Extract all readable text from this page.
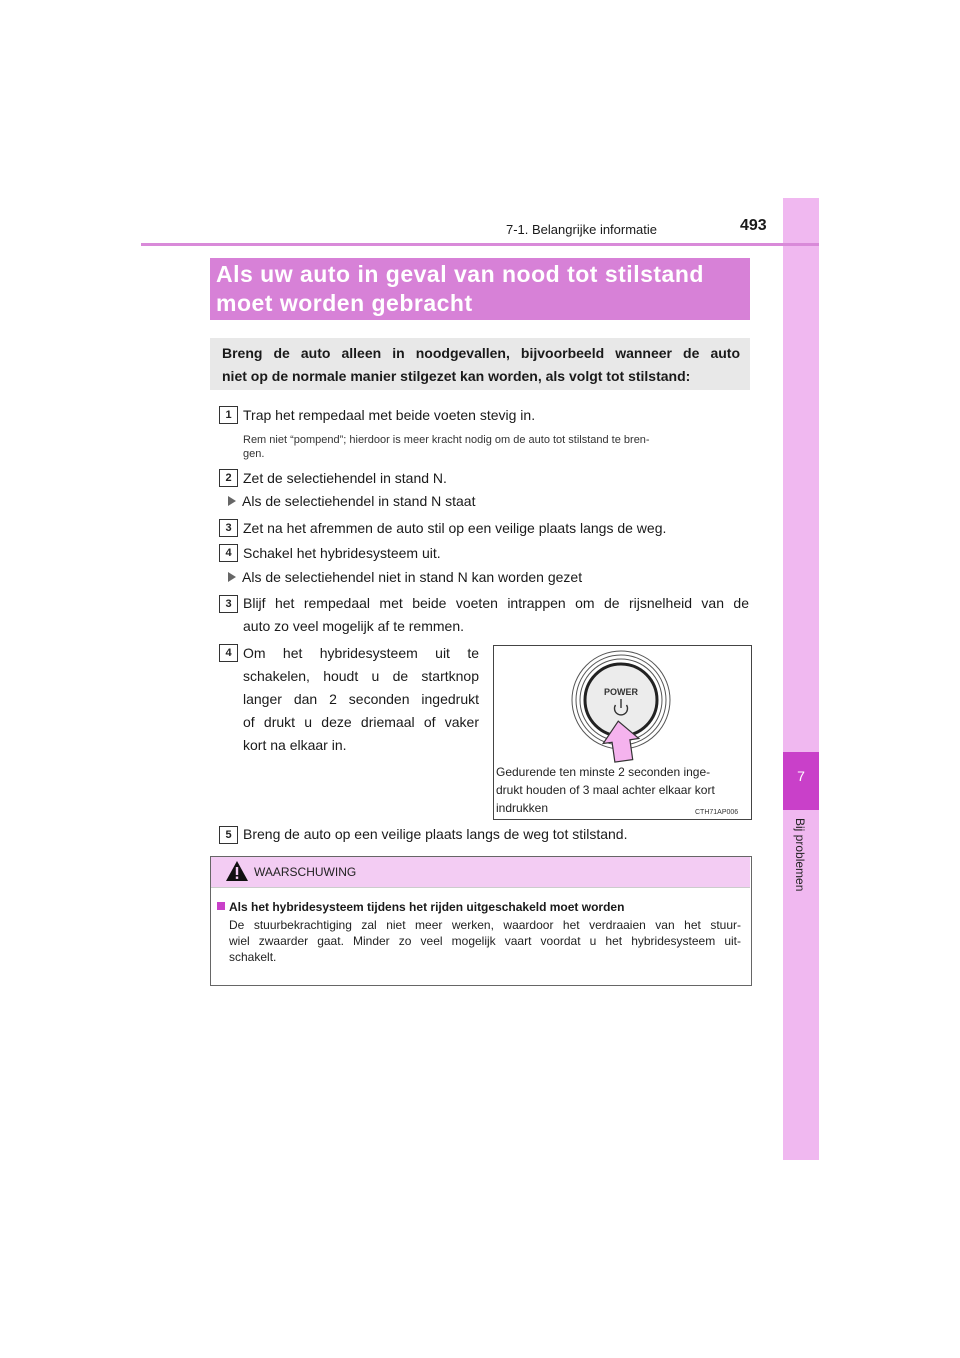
7
Bij problemen
7-1. Belangrijke informatie	493
Als uw auto in geval van nood tot stilstand
moet worden gebracht
Breng de auto alleen in noodgevallen, bijvoorbeeld wanneer de auto
niet op de normale manier stilgezet kan worden, als volgt tot stilstand:
1 Trap het rempedaal met beide voeten stevig in.
Rem niet “pompend”; hierdoor is meer kracht nodig om de auto tot stilstand te bren-
gen.
2 Zet de selectiehendel in stand N.
Als de selectiehendel in stand N staat
3 Zet na het afremmen de auto stil op een veilige plaats langs de weg.
4 Schakel het hybridesysteem uit.
Als de selectiehendel niet in stand N kan worden gezet
3 Blijf het rempedaal met beide voeten intrappen om de rijsnelheid van de
auto zo veel mogelijk af te remmen.
4 Om het hybridesysteem uit te
schakelen, houdt u de startknop
langer dan 2 seconden ingedrukt
of drukt u deze driemaal of vaker
kort na elkaar in.
POWER
Gedurende ten minste 2 seconden inge-
drukt houden of 3 maal achter elkaar kort
indrukken	CTH71AP006
5 Breng de auto op een veilige plaats langs de weg tot stilstand.
WAARSCHUWING
Als het hybridesysteem tijdens het rijden uitgeschakeld moet worden
De stuurbekrachtiging zal niet meer werken, waardoor het verdraaien van het stuur-
wiel zwaarder gaat. Minder zo veel mogelijk vaart voordat u het hybridesysteem uit-
schakelt.
